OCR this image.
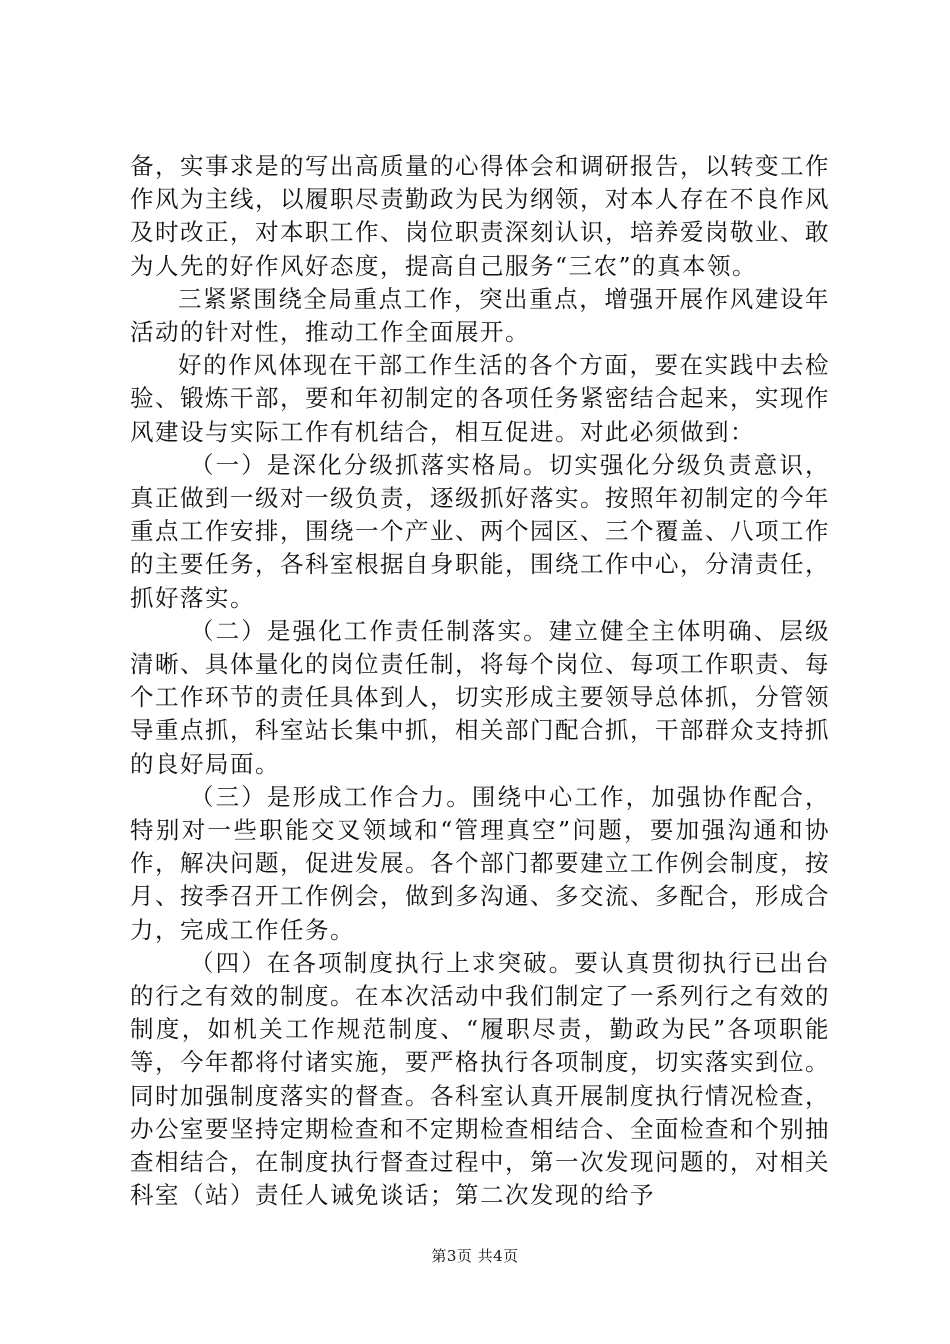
备，实事求是的写出高质量的心得体会和调研报告，以转变工作作风为主线，以履职尽责勤政为民为纲领，对本人存在不良作风及时改正，对本职工作、岗位职责深刻认识，培养爱岗敬业、敢为人先的好作风好态度，提高自己服务“三农”的真本领。

三紧紧围绕全局重点工作，突出重点，增强开展作风建设年活动的针对性，推动工作全面展开。

好的作风体现在干部工作生活的各个方面，要在实践中去检验、锻炼干部，要和年初制定的各项任务紧密结合起来，实现作风建设与实际工作有机结合，相互促进。对此必须做到：

（一）是深化分级抓落实格局。切实强化分级负责意识，真正做到一级对一级负责，逐级抓好落实。按照年初制定的今年重点工作安排，围绕一个产业、两个园区、三个覆盖、八项工作的主要任务，各科室根据自身职能，围绕工作中心，分清责任，抓好落实。

（二）是强化工作责任制落实。建立健全主体明确、层级清晰、具体量化的岗位责任制，将每个岗位、每项工作职责、每个工作环节的责任具体到人，切实形成主要领导总体抓，分管领导重点抓，科室站长集中抓，相关部门配合抓，干部群众支持抓的良好局面。

（三）是形成工作合力。围绕中心工作，加强协作配合，特别对一些职能交叉领域和“管理真空”问题，要加强沟通和协作，解决问题，促进发展。各个部门都要建立工作例会制度，按月、按季召开工作例会，做到多沟通、多交流、多配合，形成合力，完成工作任务。

（四）在各项制度执行上求突破。要认真贯彻执行已出台的行之有效的制度。在本次活动中我们制定了一系列行之有效的制度，如机关工作规范制度、“履职尽责，勤政为民”各项职能等，今年都将付诸实施，要严格执行各项制度，切实落实到位。同时加强制度落实的督查。各科室认真开展制度执行情况检查，办公室要坚持定期检查和不定期检查相结合、全面检查和个别抽查相结合，在制度执行督查过程中，第一次发现问题的，对相关科室（站）责任人诫免谈话；第二次发现的给予

第3页 共4页
